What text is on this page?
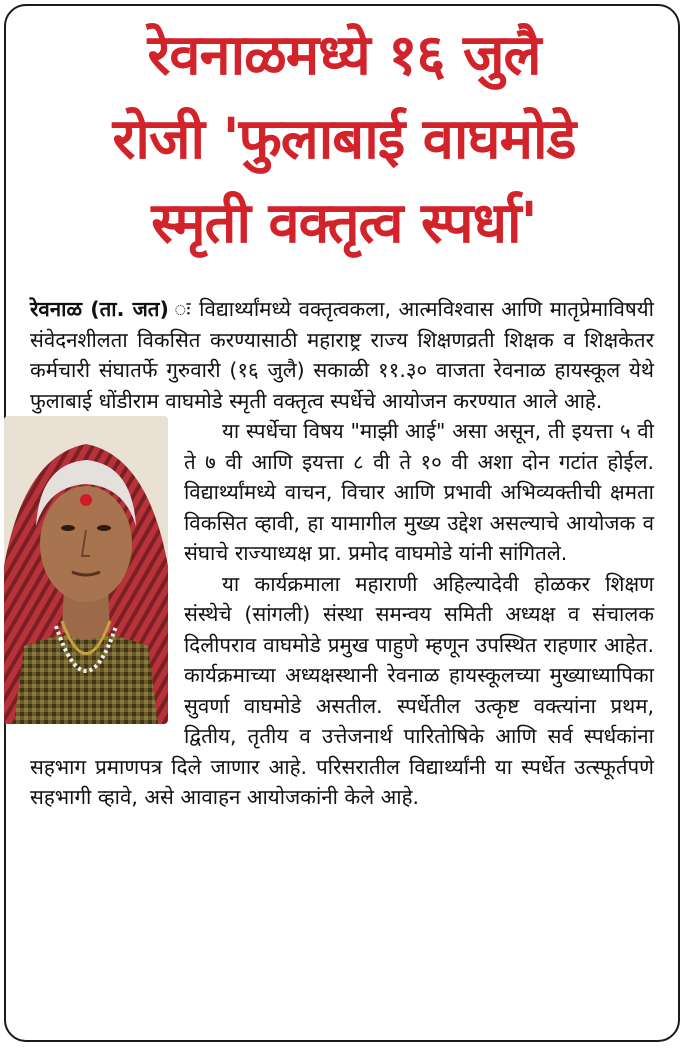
रेवनाळमध्ये १६ जुलै
रोजी 'फुलाबाई वाघमोडे
स्मृती वक्तृत्व स्पर्धा'

रेवनाळ (ता. जत) ः विद्यार्थ्यांमध्ये वक्तृत्वकला, आत्मविश्वास आणि मातृप्रेमाविषयी संवेदनशीलता विकसित करण्यासाठी महाराष्ट्र राज्य शिक्षणव्रती शिक्षक व शिक्षकेतर कर्मचारी संघातर्फे गुरुवारी (१६ जुलै) सकाळी ११.३० वाजता रेवनाळ हायस्कूल येथे फुलाबाई धोंडीराम वाघमोडे स्मृती वक्तृत्व स्पर्धेचे आयोजन करण्यात आले आहे.

या स्पर्धेचा विषय "माझी आई" असा असून, ती इयत्ता ५ वी ते ७ वी आणि इयत्ता ८ वी ते १० वी अशा दोन गटांत होईल. विद्यार्थ्यांमध्ये वाचन, विचार आणि प्रभावी अभिव्यक्तीची क्षमता विकसित व्हावी, हा यामागील मुख्य उद्देश असल्याचे आयोजक व संघाचे राज्याध्यक्ष प्रा. प्रमोद वाघमोडे यांनी सांगितले.

या कार्यक्रमाला महाराणी अहिल्यादेवी होळकर शिक्षण संस्थेचे (सांगली) संस्था समन्वय समिती अध्यक्ष व संचालक दिलीपराव वाघमोडे प्रमुख पाहुणे म्हणून उपस्थित राहणार आहेत. कार्यक्रमाच्या अध्यक्षस्थानी रेवनाळ हायस्कूलच्या मुख्याध्यापिका सुवर्णा वाघमोडे असतील. स्पर्धेतील उत्कृष्ट वक्त्यांना प्रथम, द्वितीय, तृतीय व उत्तेजनार्थ पारितोषिके आणि सर्व स्पर्धकांना सहभाग प्रमाणपत्र दिले जाणार आहे. परिसरातील विद्यार्थ्यांनी या स्पर्धेत उत्स्फूर्तपणे सहभागी व्हावे, असे आवाहन आयोजकांनी केले आहे.
